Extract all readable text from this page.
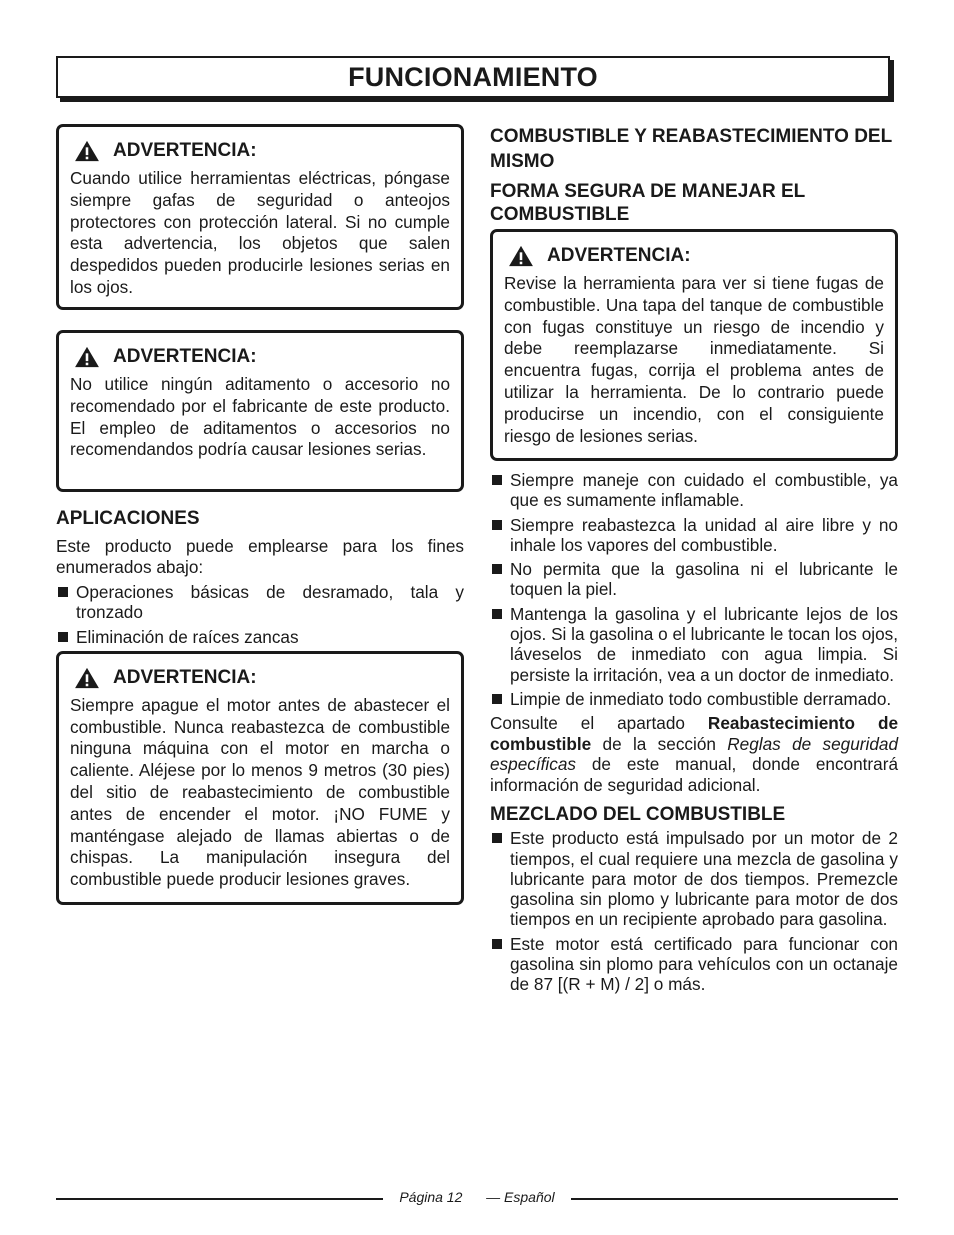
FUNCIONAMIENTO
ADVERTENCIA:
Cuando utilice herramientas eléctricas, póngase siempre gafas de seguridad o anteojos protectores con protección lateral. Si no cumple esta advertencia, los objetos que salen despedidos pueden producirle lesiones serias en los ojos.
ADVERTENCIA:
No utilice ningún aditamento o accesorio no recomendado por el fabricante de este producto. El empleo de aditamentos o accesorios no recomendandos podría causar lesiones serias.
APLICACIONES
Este producto puede emplearse para los fines enumerados abajo:
Operaciones básicas de desramado, tala y tronzado
Eliminación de raíces zancas
ADVERTENCIA:
Siempre apague el motor antes de abastecer el combustible. Nunca reabastezca de combustible ninguna máquina con el motor en marcha o caliente. Aléjese por lo menos 9 metros (30 pies) del sitio de reabastecimiento de combustible antes de encender el motor. ¡NO FUME y manténgase alejado de llamas abiertas o de chispas. La manipulación insegura del combustible puede producir lesiones graves.
COMBUSTIBLE Y REABASTECIMIENTO DEL MISMO
FORMA SEGURA DE MANEJAR EL COMBUSTIBLE
ADVERTENCIA:
Revise la herramienta para ver si tiene fugas de combustible. Una tapa del tanque de combustible con fugas constituye un riesgo de incendio y debe reemplazarse inmediatamente. Si encuentra fugas, corrija el problema antes de utilizar la herramienta. De lo contrario puede producirse un incendio, con el consiguiente riesgo de lesiones serias.
Siempre maneje con cuidado el combustible, ya que es sumamente inflamable.
Siempre reabastezca la unidad al aire libre y no inhale los vapores del combustible.
No permita que la gasolina ni el lubricante le toquen la piel.
Mantenga la gasolina y el lubricante lejos de los ojos. Si la gasolina o el lubricante le tocan los ojos, láveselos de inmediato con agua limpia. Si persiste la irritación, vea a un doctor de inmediato.
Limpie de inmediato todo combustible derramado.
Consulte el apartado Reabastecimiento de combustible de la sección Reglas de seguridad específicas de este manual, donde encontrará información de seguridad adicional.
MEZCLADO DEL COMBUSTIBLE
Este producto está impulsado por un motor de 2 tiempos, el cual requiere una mezcla de gasolina y lubricante para motor de dos tiempos. Premezcle gasolina sin plomo y lubricante para motor de dos tiempos en un recipiente aprobado para gasolina.
Este motor está certificado para funcionar con gasolina sin plomo para vehículos con un octanaje de 87 [(R + M) / 2] o más.
Página 12 — Español
